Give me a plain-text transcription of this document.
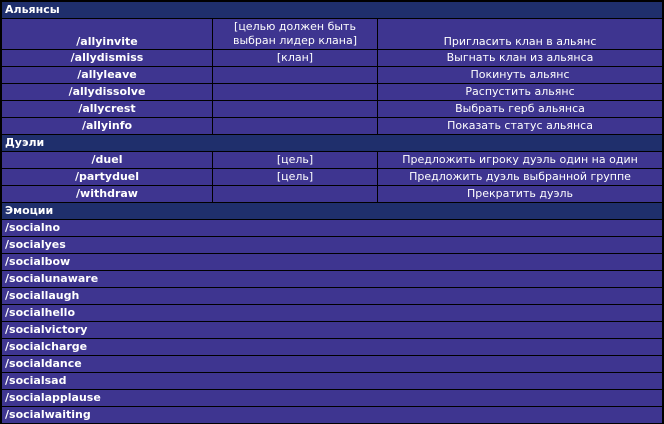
Альянсы		
/allyinvite	[целью должен быть выбран лидер клана]	Пригласить клан в альянс
/allydismiss	[клан]	Выгнать клан из альянса
/allyleave		Покинуть альянс
/allydissolve		Распустить альянс
/allycrest		Выбрать герб альянса
/allyinfo		Показать статус альянса
Дуэли		
/duel	[цель]	Предложить игроку дуэль один на один
/partyduel	[цель]	Предложить дуэль выбранной группе
/withdraw		Прекратить дуэль
Эмоции		
/socialno		
/socialyes		
/socialbow		
/socialunaware		
/sociallaugh		
/socialhello		
/socialvictory		
/socialcharge		
/socialdance		
/socialsad		
/socialapplause		
/socialwaiting		
